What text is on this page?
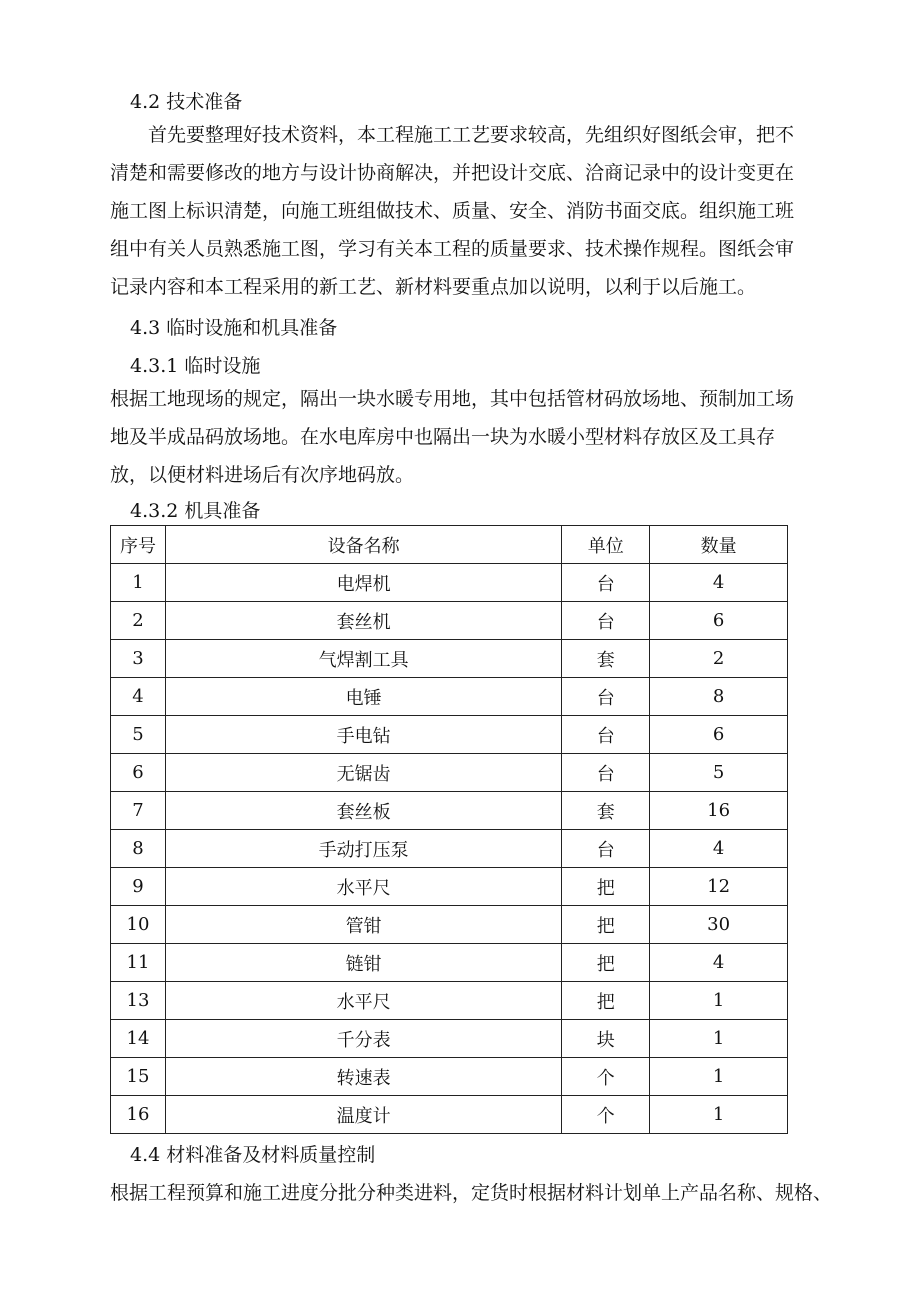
4.2 技术准备
首先要整理好技术资料，本工程施工工艺要求较高，先组织好图纸会审，把不清楚和需要修改的地方与设计协商解决，并把设计交底、洽商记录中的设计变更在施工图上标识清楚，向施工班组做技术、质量、安全、消防书面交底。组织施工班组中有关人员熟悉施工图，学习有关本工程的质量要求、技术操作规程。图纸会审记录内容和本工程采用的新工艺、新材料要重点加以说明，以利于以后施工。
4.3 临时设施和机具准备
4.3.1 临时设施
根据工地现场的规定，隔出一块水暖专用地，其中包括管材码放场地、预制加工场地及半成品码放场地。在水电库房中也隔出一块为水暖小型材料存放区及工具存放，以便材料进场后有次序地码放。
4.3.2 机具准备
序号	设备名称	单位	数量
1	电焊机	台	4
2	套丝机	台	6
3	气焊割工具	套	2
4	电锤	台	8
5	手电钻	台	6
6	无锯齿	台	5
7	套丝板	套	16
8	手动打压泵	台	4
9	水平尺	把	12
10	管钳	把	30
11	链钳	把	4
13	水平尺	把	1
14	千分表	块	1
15	转速表	个	1
16	温度计	个	1
4.4 材料准备及材料质量控制
根据工程预算和施工进度分批分种类进料，定货时根据材料计划单上产品名称、规格、
